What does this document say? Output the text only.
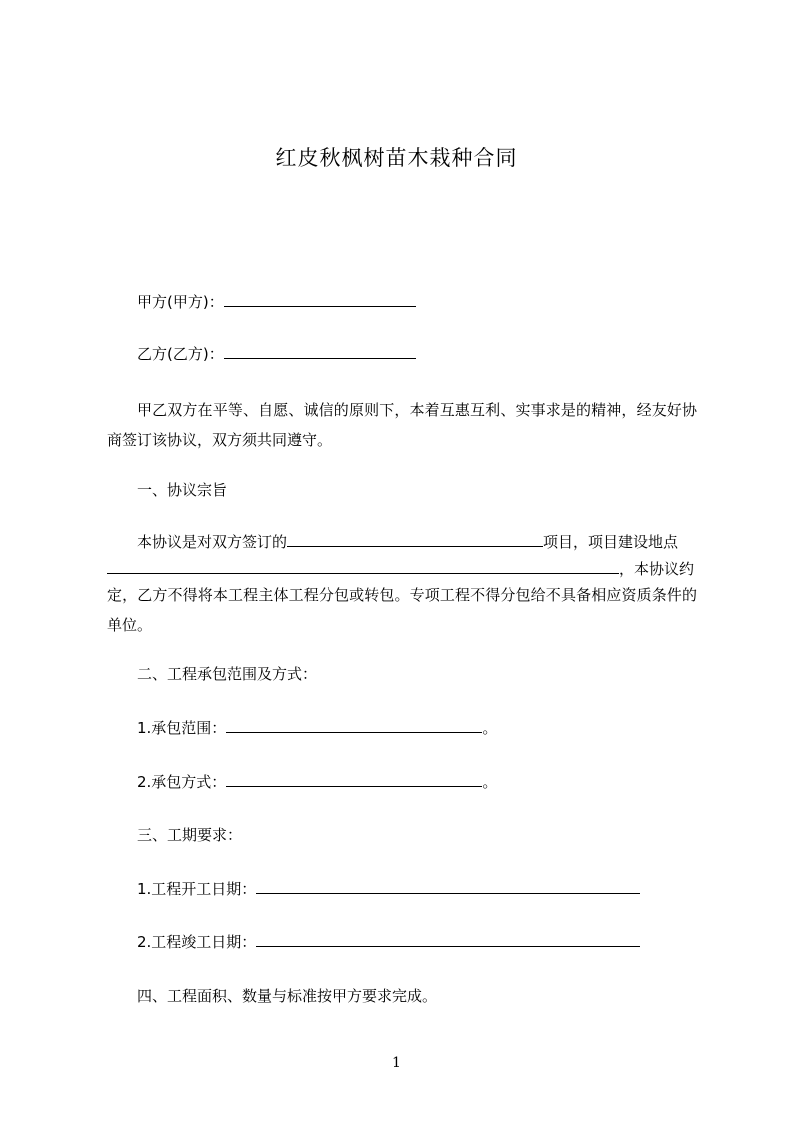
红皮秋枫树苗木栽种合同
甲方(甲方)：
乙方(乙方)：
甲乙双方在平等、自愿、诚信的原则下，本着互惠互利、实事求是的精神，经友好协商签订该协议，双方须共同遵守。
一、协议宗旨
本协议是对双方签订的	项目，项目建设地点
，本协议约
定，乙方不得将本工程主体工程分包或转包。专项工程不得分包给不具备相应资质条件的单位。
二、工程承包范围及方式：
1.承包范围：	。
2.承包方式：	。
三、工期要求：
1.工程开工日期：
2.工程竣工日期：
四、工程面积、数量与标准按甲方要求完成。
1
